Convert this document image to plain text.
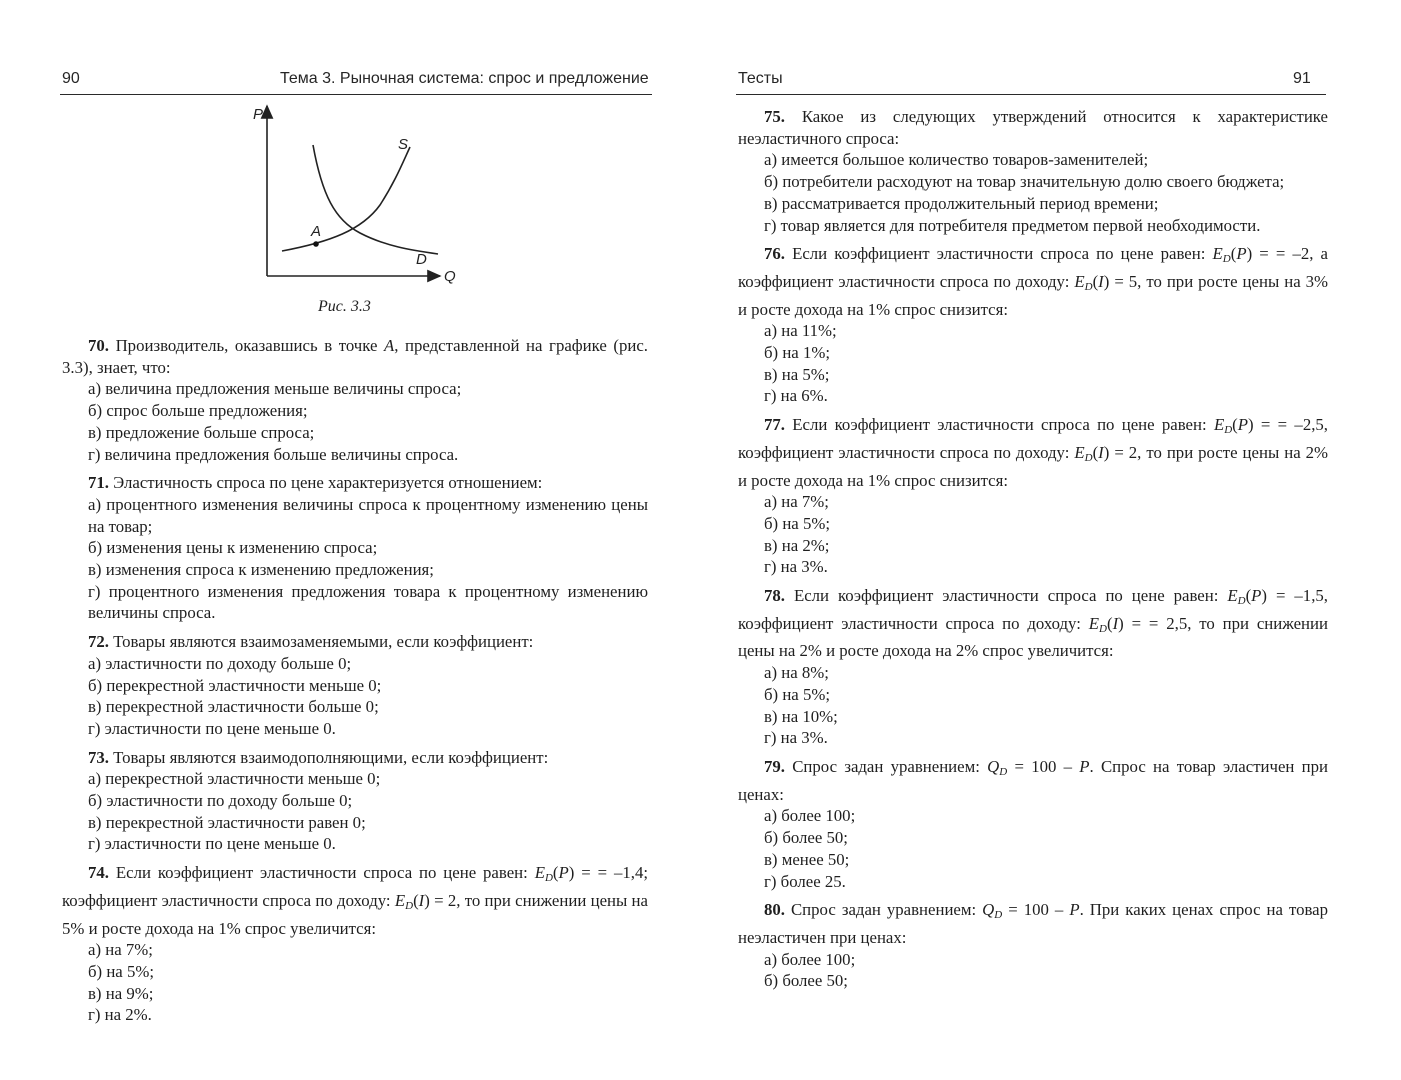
90	Тема 3. Рыночная система: спрос и предложение
P
Q
S
D
A
Рис. 3.3
70. Производитель, оказавшись в точке A, представленной на графике (рис. 3.3), знает, что:
а) величина предложения меньше величины спроса;
б) спрос больше предложения;
в) предложение больше спроса;
г) величина предложения больше величины спроса.
71. Эластичность спроса по цене характеризуется отношением:
а) процентного изменения величины спроса к процентному изменению цены на товар;
б) изменения цены к изменению спроса;
в) изменения спроса к изменению предложения;
г) процентного изменения предложения товара к процентному изменению величины спроса.
72. Товары являются взаимозаменяемыми, если коэффициент:
а) эластичности по доходу больше 0;
б) перекрестной эластичности меньше 0;
в) перекрестной эластичности больше 0;
г) эластичности по цене меньше 0.
73. Товары являются взаимодополняющими, если коэффициент:
а) перекрестной эластичности меньше 0;
б) эластичности по доходу больше 0;
в) перекрестной эластичности равен 0;
г) эластичности по цене меньше 0.
74. Если коэффициент эластичности спроса по цене равен: $E_D(P)$ = = –1,4; коэффициент эластичности спроса по доходу: $E_D(I) = 2$, то при снижении цены на 5% и росте дохода на 1% спрос увеличится:
а) на 7%;
б) на 5%;
в) на 9%;
г) на 2%.
Тесты	91
75. Какое из следующих утверждений относится к характеристике неэластичного спроса:
а) имеется большое количество товаров-заменителей;
б) потребители расходуют на товар значительную долю своего бюджета;
в) рассматривается продолжительный период времени;
г) товар является для потребителя предметом первой необходимости.
76. Если коэффициент эластичности спроса по цене равен: $E_D(P)$ = = –2, а коэффициент эластичности спроса по доходу: $E_D(I) = 5$, то при росте цены на 3% и росте дохода на 1% спрос снизится:
а) на 11%;
б) на 1%;
в) на 5%;
г) на 6%.
77. Если коэффициент эластичности спроса по цене равен: $E_D(P)$ = = –2,5, коэффициент эластичности спроса по доходу: $E_D(I) = 2$, то при росте цены на 2% и росте дохода на 1% спрос снизится:
а) на 7%;
б) на 5%;
в) на 2%;
г) на 3%.
78. Если коэффициент эластичности спроса по цене равен: $E_D(P) = -1,5$, коэффициент эластичности спроса по доходу: $E_D(I)$ = = 2,5, то при снижении цены на 2% и росте дохода на 2% спрос увеличится:
а) на 8%;
б) на 5%;
в) на 10%;
г) на 3%.
79. Спрос задан уравнением: $Q_D = 100 - P$. Спрос на товар эластичен при ценах:
а) более 100;
б) более 50;
в) менее 50;
г) более 25.
80. Спрос задан уравнением: $Q_D = 100 - P$. При каких ценах спрос на товар неэластичен при ценах:
а) более 100;
б) более 50;
